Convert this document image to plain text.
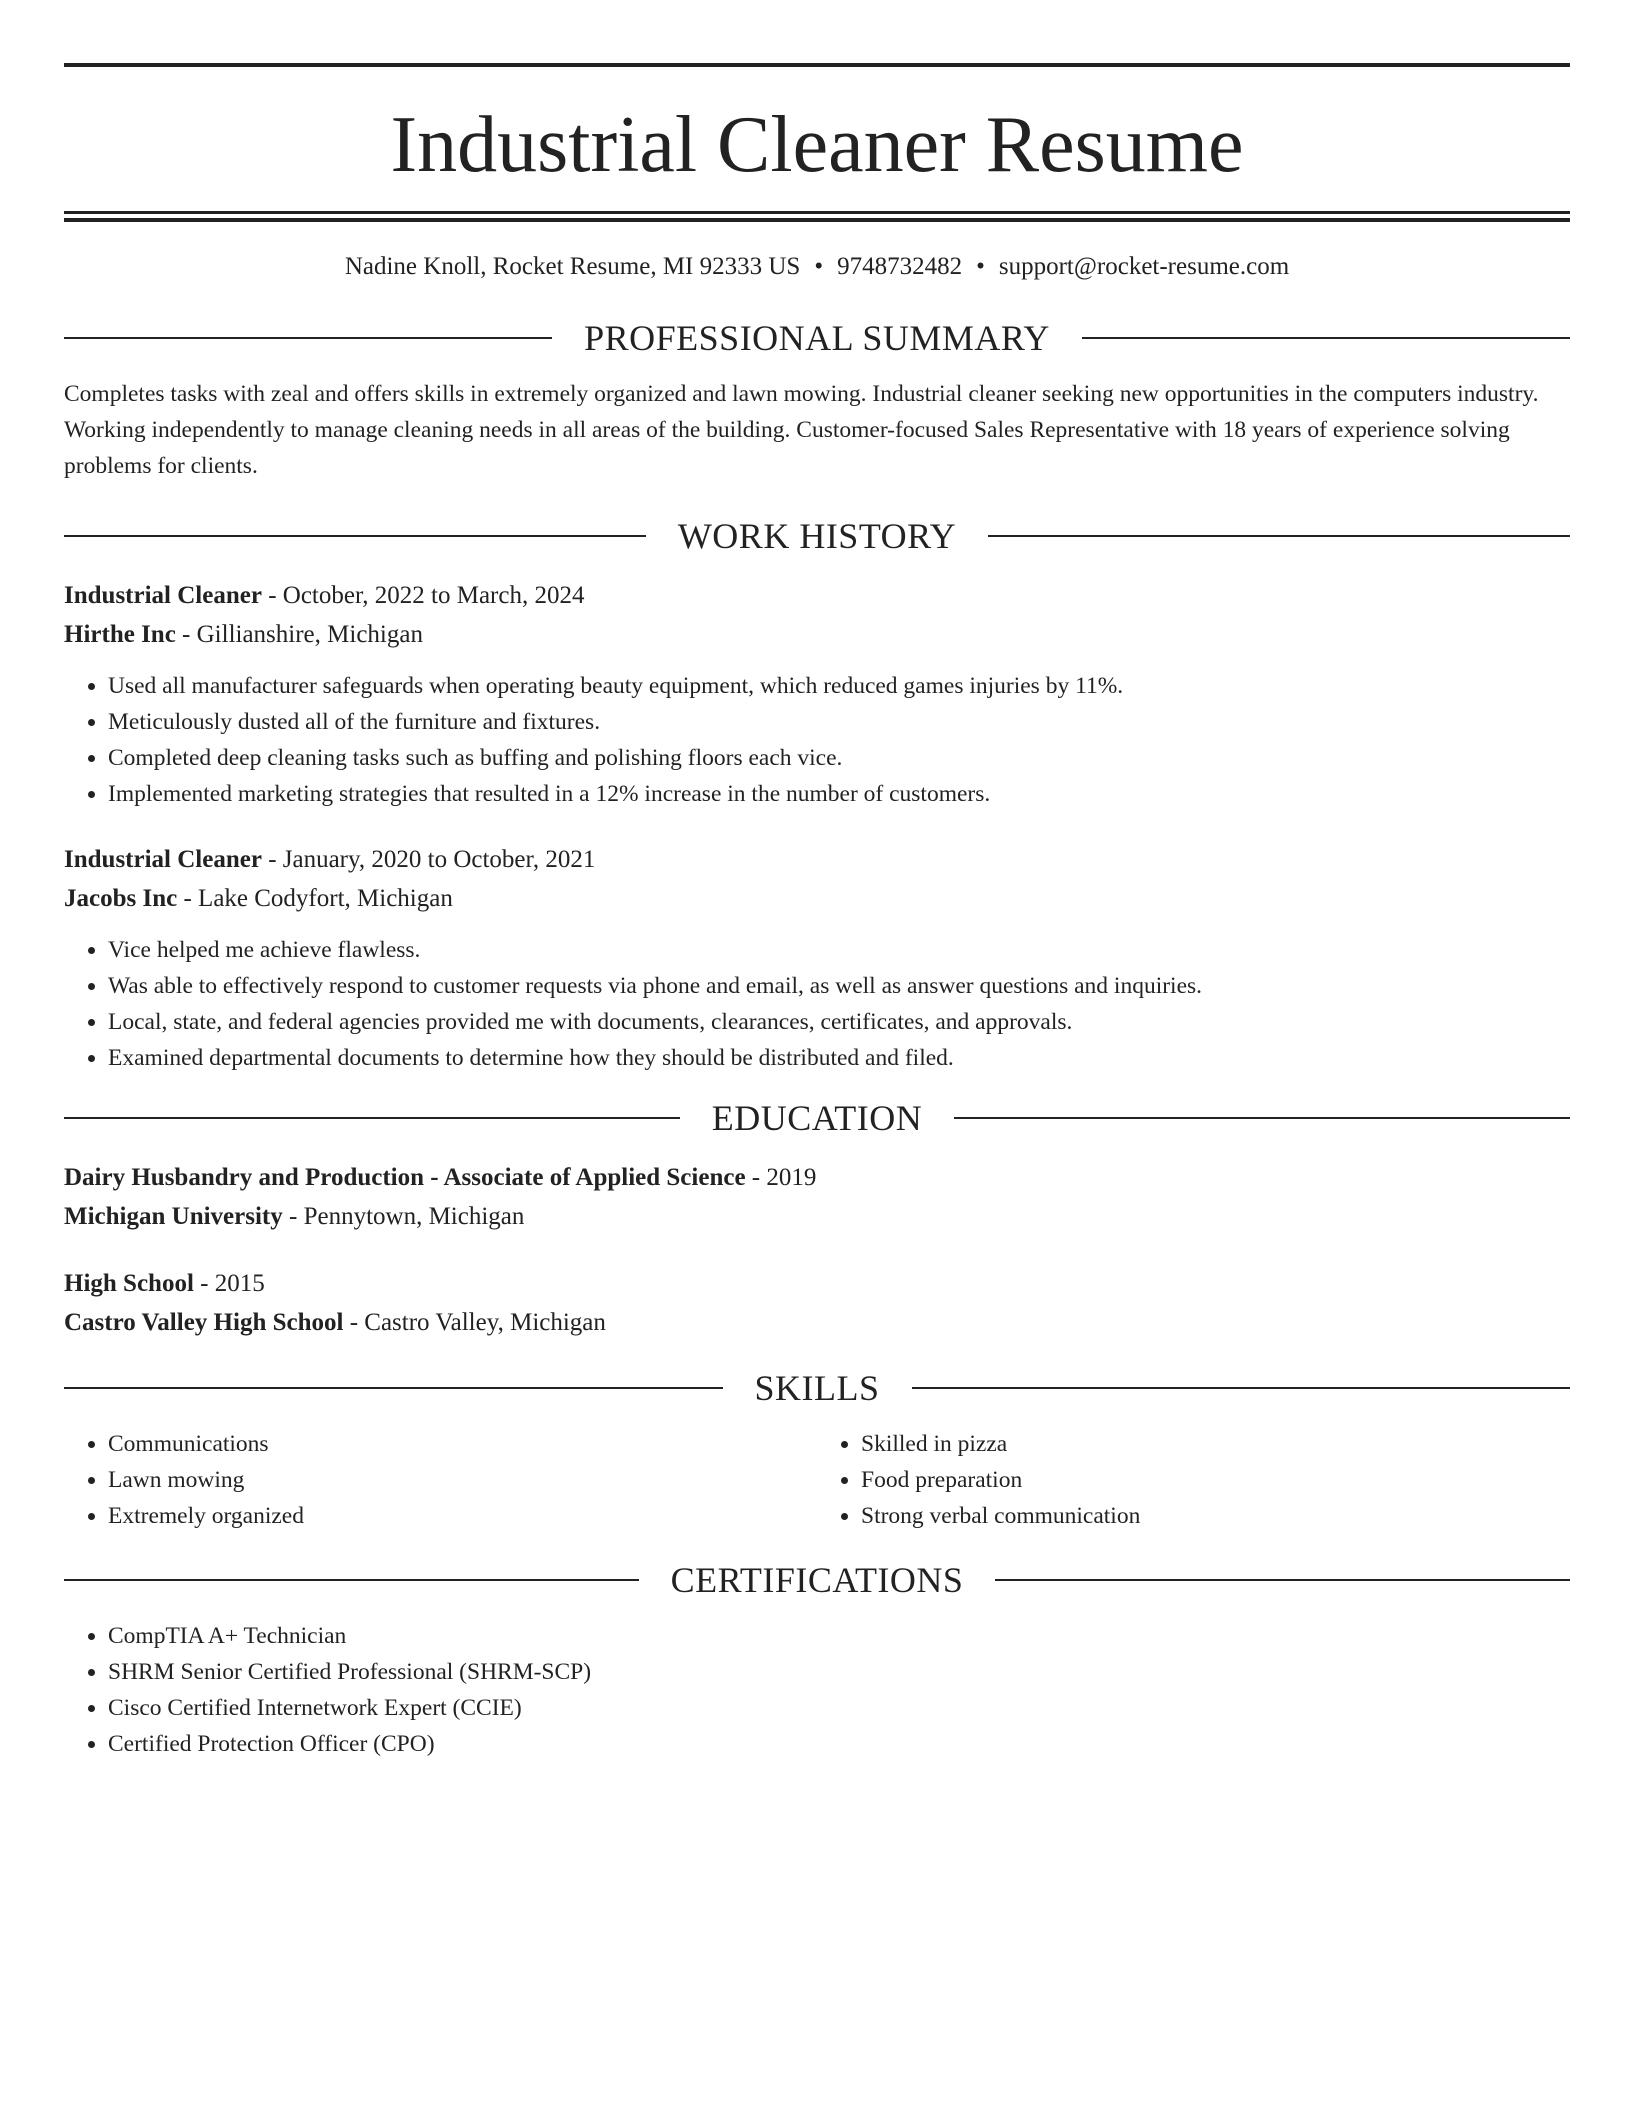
Industrial Cleaner Resume
Nadine Knoll, Rocket Resume, MI 92333 US • 9748732482 • support@rocket-resume.com
PROFESSIONAL SUMMARY
Completes tasks with zeal and offers skills in extremely organized and lawn mowing. Industrial cleaner seeking new opportunities in the computers industry. Working independently to manage cleaning needs in all areas of the building. Customer-focused Sales Representative with 18 years of experience solving problems for clients.
WORK HISTORY
Industrial Cleaner - October, 2022 to March, 2024
Hirthe Inc - Gillianshire, Michigan
• Used all manufacturer safeguards when operating beauty equipment, which reduced games injuries by 11%.
• Meticulously dusted all of the furniture and fixtures.
• Completed deep cleaning tasks such as buffing and polishing floors each vice.
• Implemented marketing strategies that resulted in a 12% increase in the number of customers.
Industrial Cleaner - January, 2020 to October, 2021
Jacobs Inc - Lake Codyfort, Michigan
• Vice helped me achieve flawless.
• Was able to effectively respond to customer requests via phone and email, as well as answer questions and inquiries.
• Local, state, and federal agencies provided me with documents, clearances, certificates, and approvals.
• Examined departmental documents to determine how they should be distributed and filed.
EDUCATION
Dairy Husbandry and Production - Associate of Applied Science - 2019
Michigan University - Pennytown, Michigan
High School - 2015
Castro Valley High School - Castro Valley, Michigan
SKILLS
• Communications
• Lawn mowing
• Extremely organized
• Skilled in pizza
• Food preparation
• Strong verbal communication
CERTIFICATIONS
• CompTIA A+ Technician
• SHRM Senior Certified Professional (SHRM-SCP)
• Cisco Certified Internetwork Expert (CCIE)
• Certified Protection Officer (CPO)
